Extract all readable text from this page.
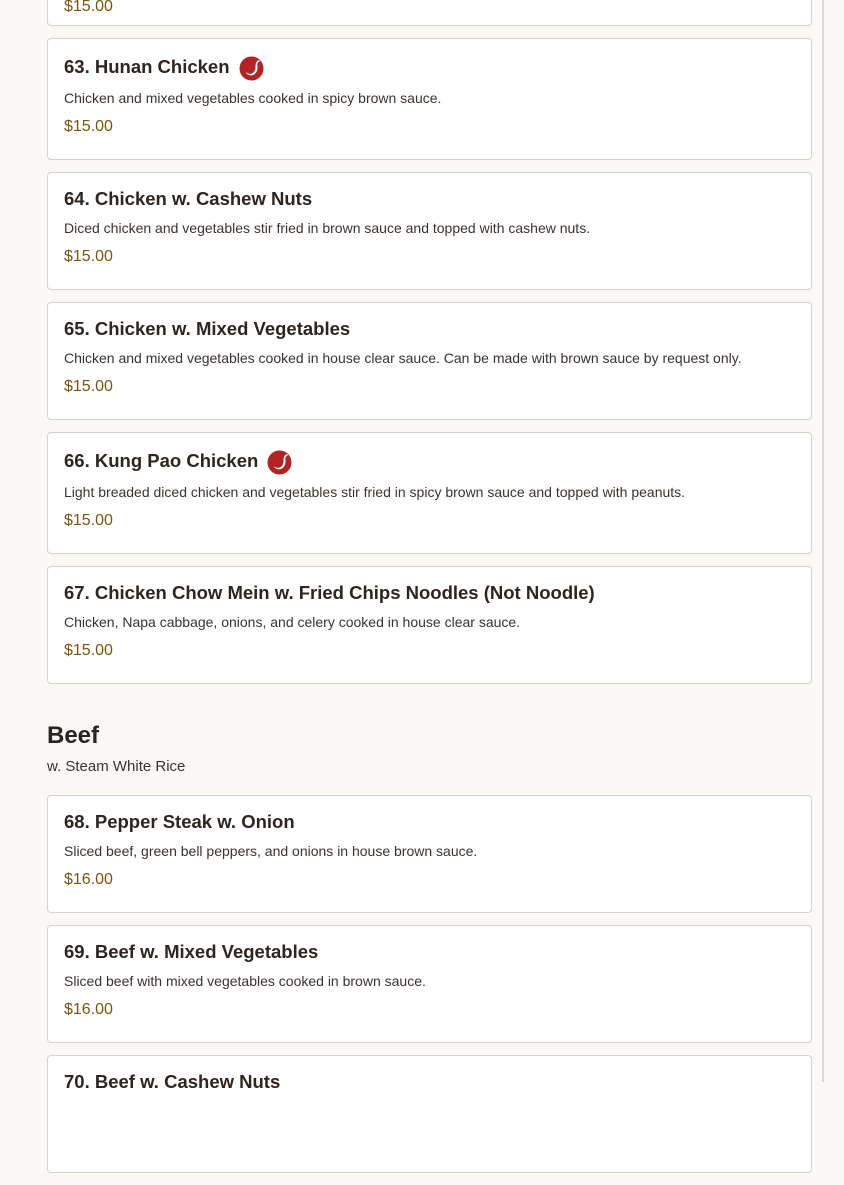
$15.00
63. Hunan Chicken
Chicken and mixed vegetables cooked in spicy brown sauce.
$15.00
64. Chicken w. Cashew Nuts
Diced chicken and vegetables stir fried in brown sauce and topped with cashew nuts.
$15.00
65. Chicken w. Mixed Vegetables
Chicken and mixed vegetables cooked in house clear sauce. Can be made with brown sauce by request only.
$15.00
66. Kung Pao Chicken
Light breaded diced chicken and vegetables stir fried in spicy brown sauce and topped with peanuts.
$15.00
67. Chicken Chow Mein w. Fried Chips Noodles (Not Noodle)
Chicken, Napa cabbage, onions, and celery cooked in house clear sauce.
$15.00
Beef
w. Steam White Rice
68. Pepper Steak w. Onion
Sliced beef, green bell peppers, and onions in house brown sauce.
$16.00
69. Beef w. Mixed Vegetables
Sliced beef with mixed vegetables cooked in brown sauce.
$16.00
70. Beef w. Cashew Nuts
